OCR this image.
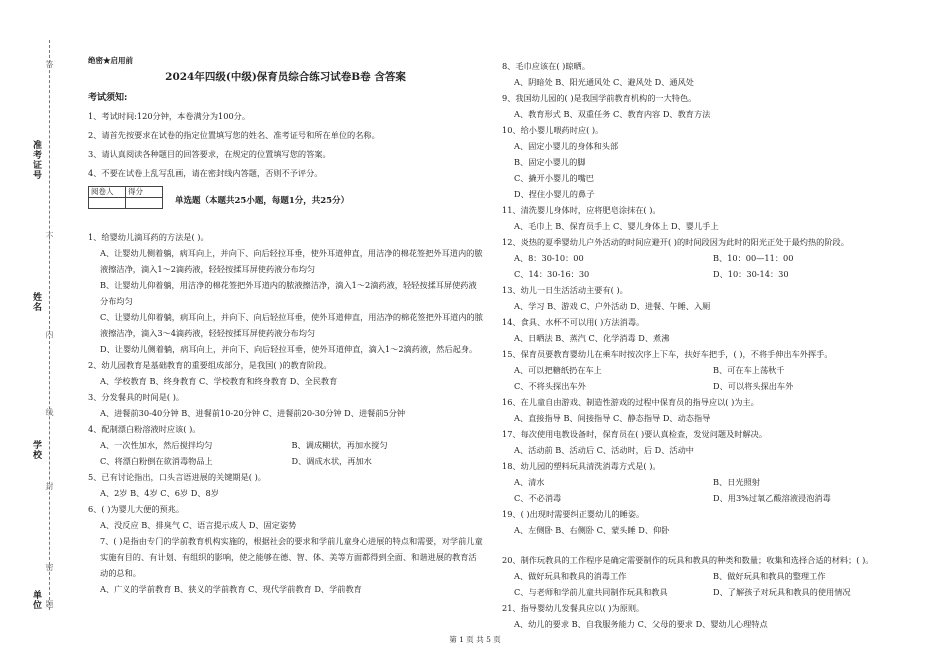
准考证号
姓名
学校
单位
答
不
内
线
封
密
题

绝密★启用前

2024年四级(中级)保育员综合练习试卷B卷 含答案

考试须知:

1、考试时间:120分钟，本卷满分为100分。

2、请首先按要求在试卷的指定位置填写您的姓名、准考证号和所在单位的名称。

3、请认真阅读各种题目的回答要求，在规定的位置填写您的答案。

4、不要在试卷上乱写乱画，请在密封线内答题，否则不予评分。

阅卷人	得分

单选题（本题共25小题，每题1分，共25分）

1、给婴幼儿滴耳药的方法是( )。

A、让婴幼儿侧着躺，病耳向上，并向下、向后轻拉耳垂，使外耳道伸直，用洁净的棉花签把外耳道内的脓液擦洁净，滴入1～2滴药液，轻轻按揉耳屏使药液分布均匀

B、让婴幼儿仰着躺，用洁净的棉花签把外耳道内的脓液擦洁净，滴入1～2滴药液，轻轻按揉耳屏使药液分布均匀

C、让婴幼儿仰着躺，病耳向上，并向下、向后轻拉耳垂，使外耳道伸直，用洁净的棉花签把外耳道内的脓液擦洁净，滴入3～4滴药液，轻轻按揉耳屏使药液分布均匀

D、让婴幼儿侧着躺，病耳向上，并向下、向后轻拉耳垂，使外耳道伸直，滴入1～2滴药液，然后起身。

2、幼儿园教育是基础教育的重要组成部分，是我国( )的教育阶段。

A、学校教育 B、终身教育 C、学校教育和终身教育 D、全民教育

3、分发餐具的时间是( )。

A、进餐前30-40分钟 B、进餐前10-20分钟 C、进餐前20-30分钟 D、进餐前5分钟

4、配制漂白粉溶液时应该( )。

A、一次性加水，然后搅拌均匀	B、调成糊状，再加水搅匀
C、将漂白粉倒在欲消毒物品上	D、调成水状，再加水

5、已有讨论指出，口头言语进展的关键期是( )。

A、2岁 B、4岁 C、6岁 D、8岁

6、( )为婴儿大便的预兆。

A、没反应 B、排臭气 C、语言提示成人 D、固定姿势

7、( )是指由专门的学前教育机构实施的，根据社会的要求和学前儿童身心进展的特点和需要，对学前儿童实施有目的、有计划、有组织的影响，使之能够在德、智、体、美等方面都得到全面、和谐进展的教育活动的总和。

A、广义的学前教育 B、狭义的学前教育 C、现代学前教育 D、学前教育

8、毛巾应该在( )晾晒。

A、阴暗处 B、阳光通风处 C、避风处 D、通风处

9、我国幼儿园的( )是我国学前教育机构的一大特色。

A、教育形式 B、双重任务 C、教育内容 D、教育方法

10、给小婴儿喂药时应( )。

A、固定小婴儿的身体和头部

B、固定小婴儿的脚

C、撬开小婴儿的嘴巴

D、捏住小婴儿的鼻子

11、清洗婴儿身体时，应将肥皂涂抹在( )。

A、毛巾上 B、保育员手上 C、婴儿身体上 D、婴儿手上

12、炎热的夏季婴幼儿户外活动的时间应避开( )的时间段因为此时的阳光正处于最灼热的阶段。

A、8：30-10：00	B、10：00—11：00
C、14：30-16：30	D、10：30-14：30

13、幼儿一日生活活动主要有( )。

A、学习 B、游戏 C、户外活动 D、进餐、午睡、入厕

14、食具、水杯不可以用( )方法消毒。

A、日晒法 B、蒸汽 C、化学消毒 D、煮沸

15、保育员要教育婴幼儿在乘车时按次序上下车，扶好车把手，( )，不将手伸出车外挥手。

A、可以把糖纸扔在车上	B、可在车上荡秋千
C、不将头探出车外	D、可以将头探出车外

16、在儿童自由游戏、制造性游戏的过程中保育员的指导应以( )为主。

A、直接指导 B、间接指导 C、静态指导 D、动态指导

17、每次使用电教设备时，保育员在( )要认真检查，发觉问题及时解决。

A、活动前 B、活动后 C、活动时，后 D、活动中

18、幼儿园的塑料玩具清洗消毒方式是( )。

A、清水	B、日光照射
C、不必消毒	D、用3%过氧乙酸溶液浸泡消毒

19、( )出现时需要纠正婴幼儿的睡姿。

A、左侧卧 B、右侧卧 C、蒙头睡 D、仰卧

20、制作玩教具的工作程序是确定需要制作的玩具和教具的种类和数量；收集和选择合适的材料；( )。

A、做好玩具和教具的消毒工作	B、做好玩具和教具的整理工作
C、与老师和学前儿童共同制作玩具和教具	D、了解孩子对玩具和教具的使用情况

21、指导婴幼儿发餐具应以( )为原则。

A、幼儿的要求 B、自我服务能力 C、父母的要求 D、婴幼儿心理特点

第 1 页 共 5 页
